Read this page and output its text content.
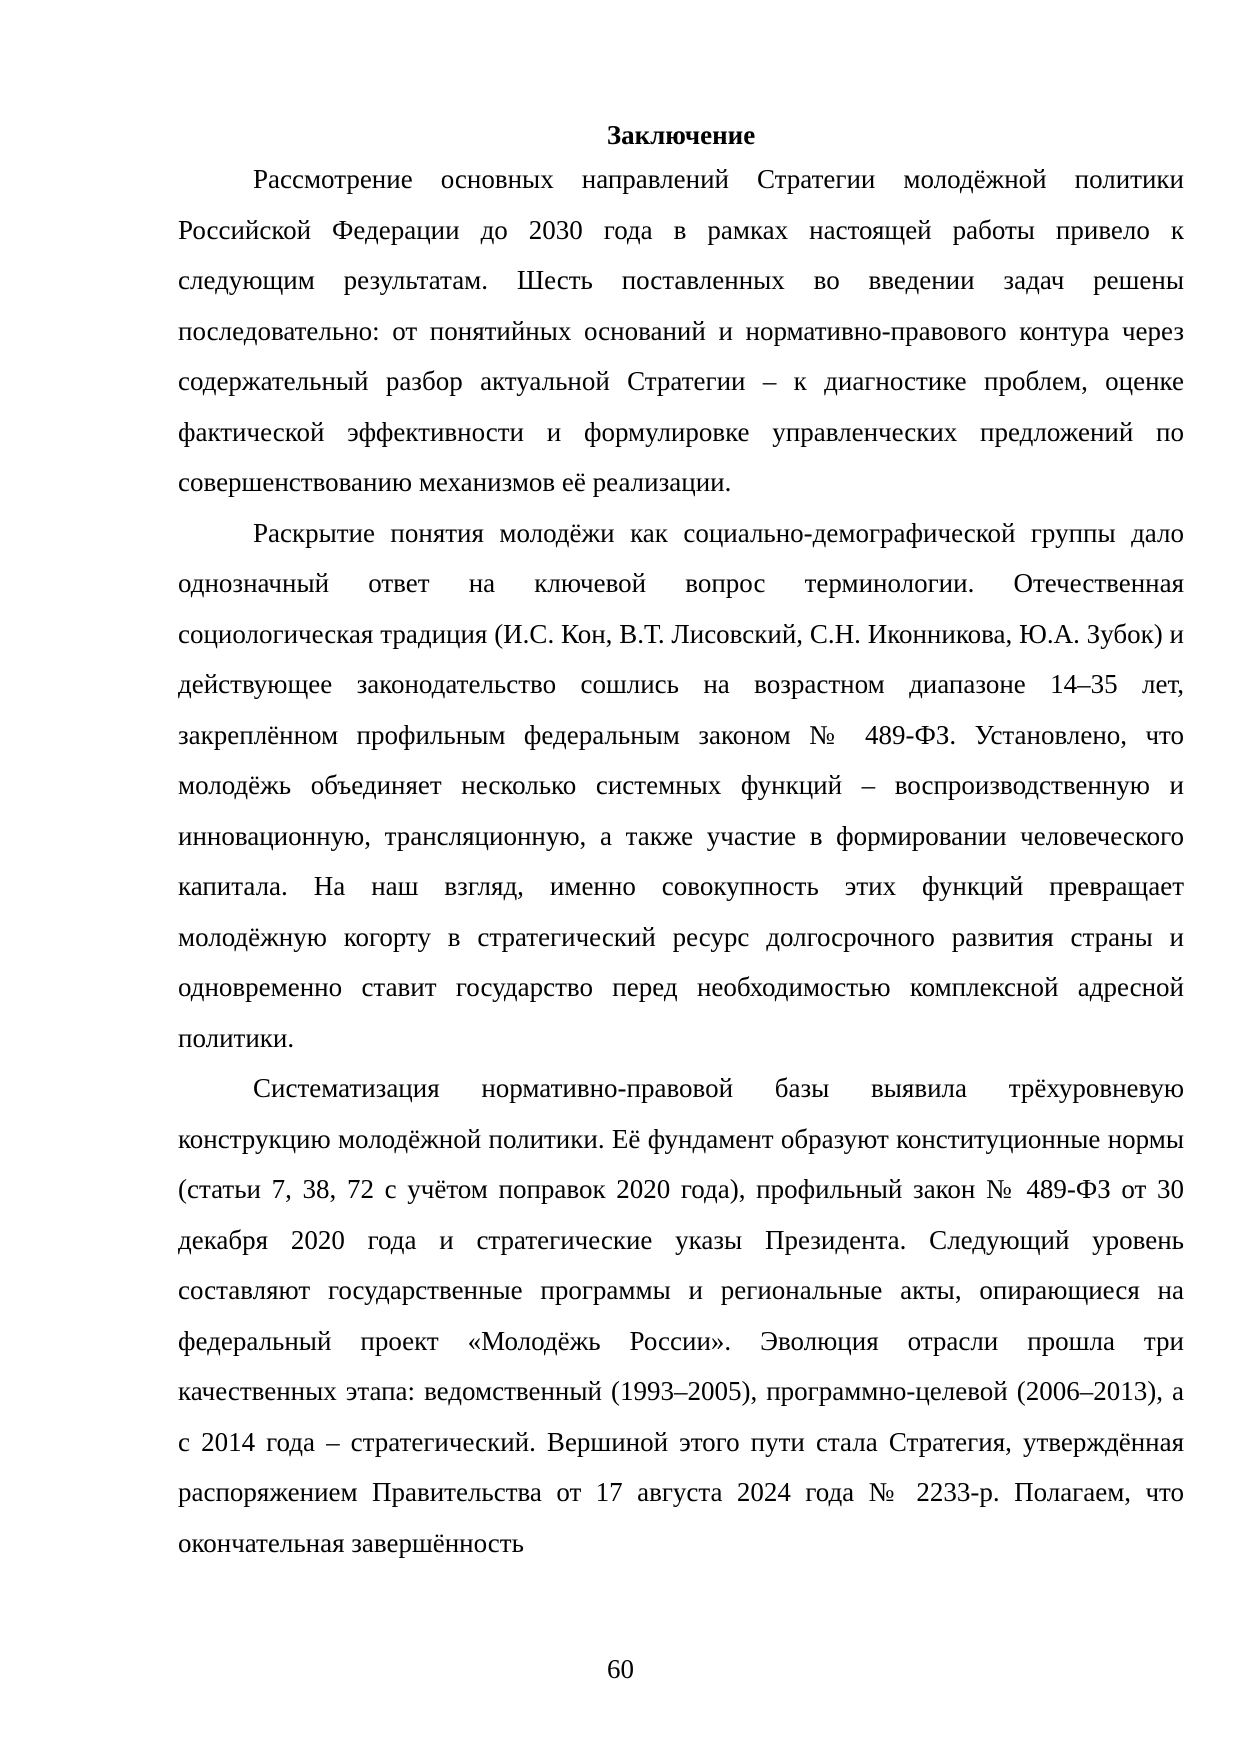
Заключение

Рассмотрение основных направлений Стратегии молодёжной политики Российской Федерации до 2030 года в рамках настоящей работы привело к следующим результатам. Шесть поставленных во введении задач решены последовательно: от понятийных оснований и нормативно-правового контура через содержательный разбор актуальной Стратегии – к диагностике проблем, оценке фактической эффективности и формулировке управленческих предложений по совершенствованию механизмов её реализации.

Раскрытие понятия молодёжи как социально-демографической группы дало однозначный ответ на ключевой вопрос терминологии. Отечественная социологическая традиция (И.С. Кон, В.Т. Лисовский, С.Н. Иконникова, Ю.А. Зубок) и действующее законодательство сошлись на возрастном диапазоне 14–35 лет, закреплённом профильным федеральным законом № 489-ФЗ. Установлено, что молодёжь объединяет несколько системных функций – воспроизводственную и инновационную, трансляционную, а также участие в формировании человеческого капитала. На наш взгляд, именно совокупность этих функций превращает молодёжную когорту в стратегический ресурс долгосрочного развития страны и одновременно ставит государство перед необходимостью комплексной адресной политики.

Систематизация нормативно-правовой базы выявила трёхуровневую конструкцию молодёжной политики. Её фундамент образуют конституционные нормы (статьи 7, 38, 72 с учётом поправок 2020 года), профильный закон № 489-ФЗ от 30 декабря 2020 года и стратегические указы Президента. Следующий уровень составляют государственные программы и региональные акты, опирающиеся на федеральный проект «Молодёжь России». Эволюция отрасли прошла три качественных этапа: ведомственный (1993–2005), программно-целевой (2006–2013), а с 2014 года – стратегический. Вершиной этого пути стала Стратегия, утверждённая распоряжением Правительства от 17 августа 2024 года № 2233-р. Полагаем, что окончательная завершённость

60
